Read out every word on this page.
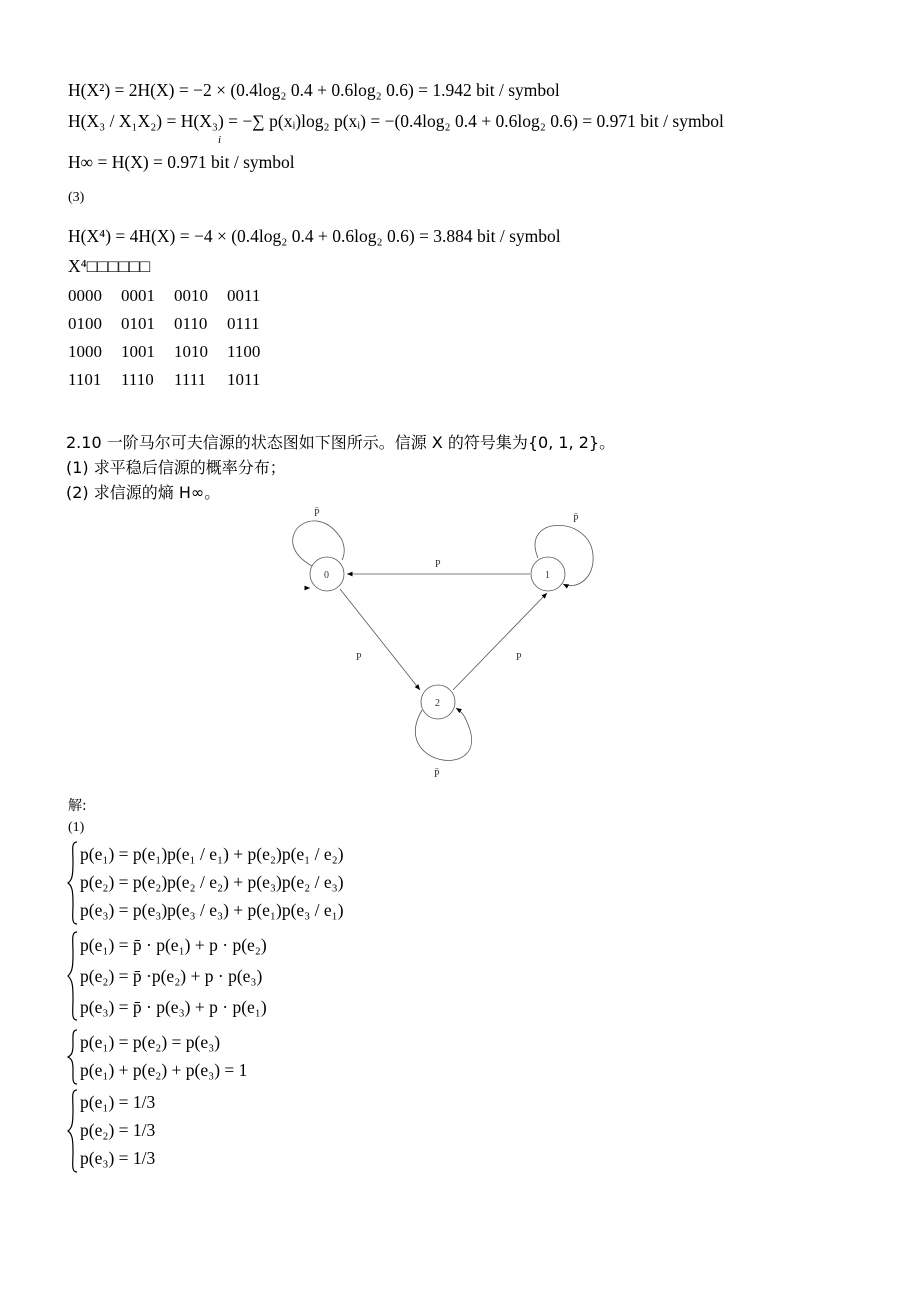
H(X²) = 2H(X) = −2 × (0.4log₂ 0.4 + 0.6log₂ 0.6) = 1.942 bit / symbol
H(X₃ / X₁X₂) = H(X₃) = −∑ p(xᵢ)log₂ p(xᵢ) = −(0.4log₂ 0.4 + 0.6log₂ 0.6) = 0.971 bit / symbol
i
H∞ = H(X) = 0.971 bit / symbol
(3)
H(X⁴) = 4H(X) = −4 × (0.4log₂ 0.4 + 0.6log₂ 0.6) = 3.884 bit / symbol
X⁴□□□□□□
0000	0001	0010	0011
0100	0101	0110	0111
1000	1001	1010	1100
1101	1110	1111	1011
2.10 一阶马尔可夫信源的状态图如下图所示。信源 X 的符号集为{0, 1, 2}。
(1) 求平稳后信源的概率分布；
(2) 求信源的熵 H∞。
0	1
2
P
P	P
P̄
P̄
P̄
解:
(1)
p(e₁) = p(e₁)p(e₁ / e₁) + p(e₂)p(e₁ / e₂)
p(e₂) = p(e₂)p(e₂ / e₂) + p(e₃)p(e₂ / e₃)
p(e₃) = p(e₃)p(e₃ / e₃) + p(e₁)p(e₃ / e₁)
p(e₁) = p̄ · p(e₁) + p · p(e₂)
p(e₂) = p̄ ·p(e₂) + p · p(e₃)
p(e₃) = p̄ · p(e₃) + p · p(e₁)
p(e₁) = p(e₂) = p(e₃)
p(e₁) + p(e₂) + p(e₃) = 1
p(e₁) = 1/3
p(e₂) = 1/3
p(e₃) = 1/3
